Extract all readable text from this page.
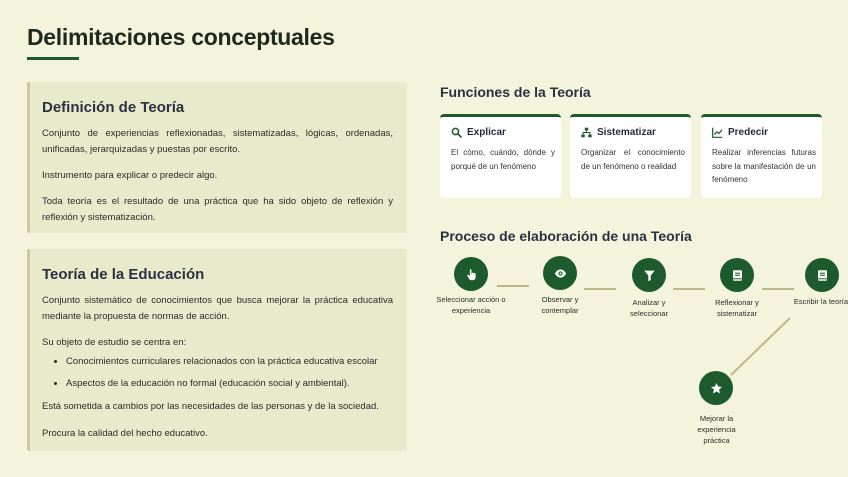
Delimitaciones conceptuales
Definición de Teoría

Conjunto de experiencias reflexionadas, sistematizadas, lógicas, ordenadas, unificadas, jerarquizadas y puestas por escrito.

Instrumento para explicar o predecir algo.

Toda teoría es el resultado de una práctica que ha sido objeto de reflexión y reflexión y sistematización.

Teoría de la Educación

Conjunto sistemático de conocimientos que busca mejorar la práctica educativa mediante la propuesta de normas de acción.

Su objeto de estudio se centra en:

• Conocimientos curriculares relacionados con la práctica educativa escolar
• Aspectos de la educación no formal (educación social y ambiental).

Está sometida a cambios por las necesidades de las personas y de la sociedad.

Procura la calidad del hecho educativo.

Funciones de la Teoría
Explicar
El cómo, cuándo, dónde y porqué de un fenómeno
Sistematizar
Organizar el conocimiento de un fenómeno o realidad
Predecir
Realizar inferencias futuras sobre la manifestación de un fenómeno
Proceso de elaboración de una Teoría
Seleccionar acción o experiencia
Observar y contemplar
Analizar y seleccionar
Reflexionar y sistematizar
Escribir la teoría
Mejorar la experiencia práctica
